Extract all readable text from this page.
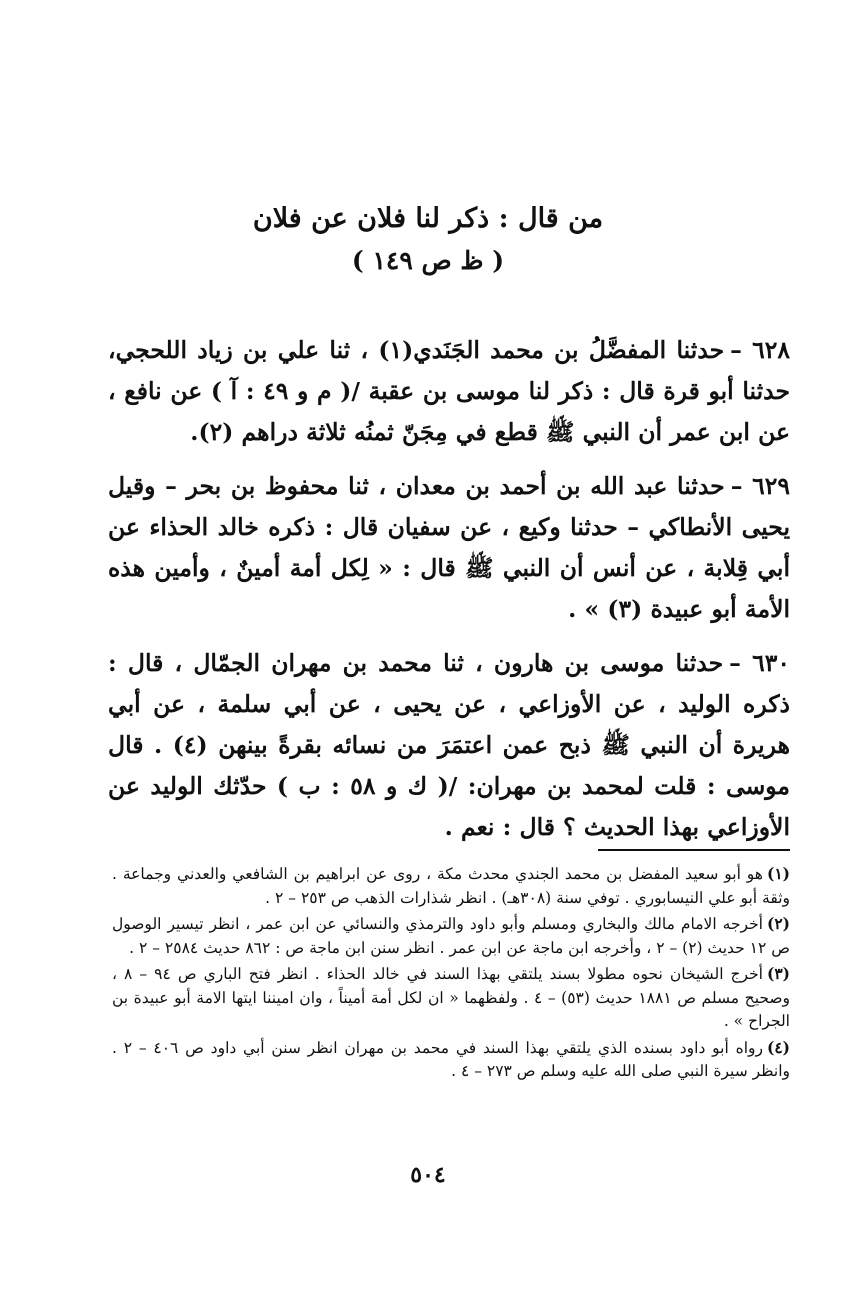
من قال : ذكر لنا فلان عن فلان
( ظ ص ١٤٩ )

٦٢٨ –حدثنا المفضَّلُ بن محمد الجَنَدي(١) ، ثنا علي بن زياد اللحجي، حدثنا أبو قرة قال : ذكر لنا موسى بن عقبة /( م و ٤٩ : آ ) عن نافع ، عن ابن عمر أن النبي ﷺ قطع في مِجَنّ ثمنُه ثلاثة دراهم (٢).

٦٢٩ –حدثنا عبد الله بن أحمد بن معدان ، ثنا محفوظ بن بحر – وقيل يحيى الأنطاكي – حدثنا وكيع ، عن سفيان قال : ذكره خالد الحذاء عن أبي قِلابة ، عن أنس أن النبي ﷺ قال : « لِكل أمة أمينٌ ، وأمين هذه الأمة أبو عبيدة (٣) » .

٦٣٠ –حدثنا موسى بن هارون ، ثنا محمد بن مهران الجمّال ، قال : ذكره الوليد ، عن الأوزاعي ، عن يحيى ، عن أبي سلمة ، عن أبي هريرة أن النبي ﷺ ذبح عمن اعتمَرَ من نسائه بقرةً بينهن (٤) . قال موسى : قلت لمحمد بن مهران: /( ك و ٥٨ : ب ) حدّثك الوليد عن الأوزاعي بهذا الحديث ؟ قال : نعم .

(١)هو أبو سعيد المفضل بن محمد الجندي محدث مكة ، روى عن ابراهيم بن الشافعي والعدني وجماعة . وثقة أبو علي النيسابوري . توفي سنة (٣٠٨هـ) . انظر شذارات الذهب ص ٢٥٣ – ٢ .

(٢)أخرجه الامام مالك والبخاري ومسلم وأبو داود والترمذي والنسائي عن ابن عمر ، انظر تيسير الوصول ص ١٢ حديث (٢) – ٢ ، وأخرجه ابن ماجة عن ابن عمر . انظر سنن ابن ماجة ص : ٨٦٢ حديث ٢٥٨٤ – ٢ .

(٣)أخرج الشيخان نحوه مطولا بسند يلتقي بهذا السند في خالد الحذاء . انظر فتح الباري ص ٩٤ – ٨ ، وصحيح مسلم ص ١٨٨١ حديث (٥٣) – ٤ . ولفظهما « ان لكل أمة أميناً ، وان اميننا ايتها الامة أبو عبيدة بن الجراح » .

(٤)رواه أبو داود بسنده الذي يلتقي بهذا السند في محمد بن مهران انظر سنن أبي داود ص ٤٠٦ – ٢ . وانظر سيرة النبي صلى الله عليه وسلم ص ٢٧٣ – ٤ .

٥٠٤
